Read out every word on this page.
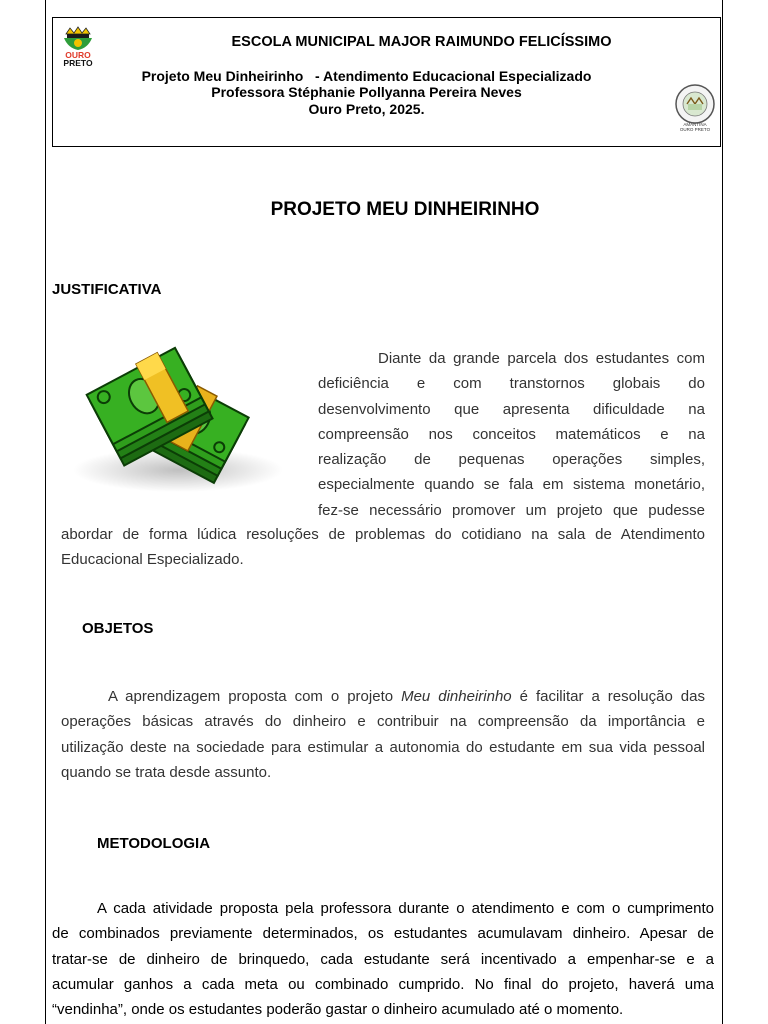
OURO
PRETO
ESCOLA MUNICIPAL MAJOR RAIMUNDO FELICÍSSIMO
Projeto Meu Dinheirinho   - Atendimento Educacional Especializado
Professora Stéphanie Pollyanna Pereira Neves
Ouro Preto, 2025.
AMANTINA
OURO PRETO
PROJETO MEU DINHEIRINHO
JUSTIFICATIVA
Diante da grande parcela dos estudantes com
deficiência e com transtornos globais do
desenvolvimento que apresenta dificuldade na
compreensão nos conceitos matemáticos e na
realização de pequenas operações simples,
especialmente quando se fala em sistema monetário,
fez-se necessário promover um projeto que pudesse
abordar de forma lúdica resoluções de problemas do cotidiano na sala de Atendimento
Educacional Especializado.
OBJETOS
A aprendizagem proposta com o projeto Meu dinheirinho é facilitar a resolução das
operações básicas através do dinheiro e contribuir na compreensão da importância e
utilização deste na sociedade para estimular a autonomia do estudante em sua vida pessoal
quando se trata desde assunto.
METODOLOGIA
A cada atividade proposta pela professora durante o atendimento e com o cumprimento
de combinados previamente determinados, os estudantes acumulavam dinheiro. Apesar de
tratar-se de dinheiro de brinquedo, cada estudante será incentivado a empenhar-se e a
acumular ganhos a cada meta ou combinado cumprido. No final do projeto, haverá uma
“vendinha”, onde os estudantes poderão gastar o dinheiro acumulado até o momento.
